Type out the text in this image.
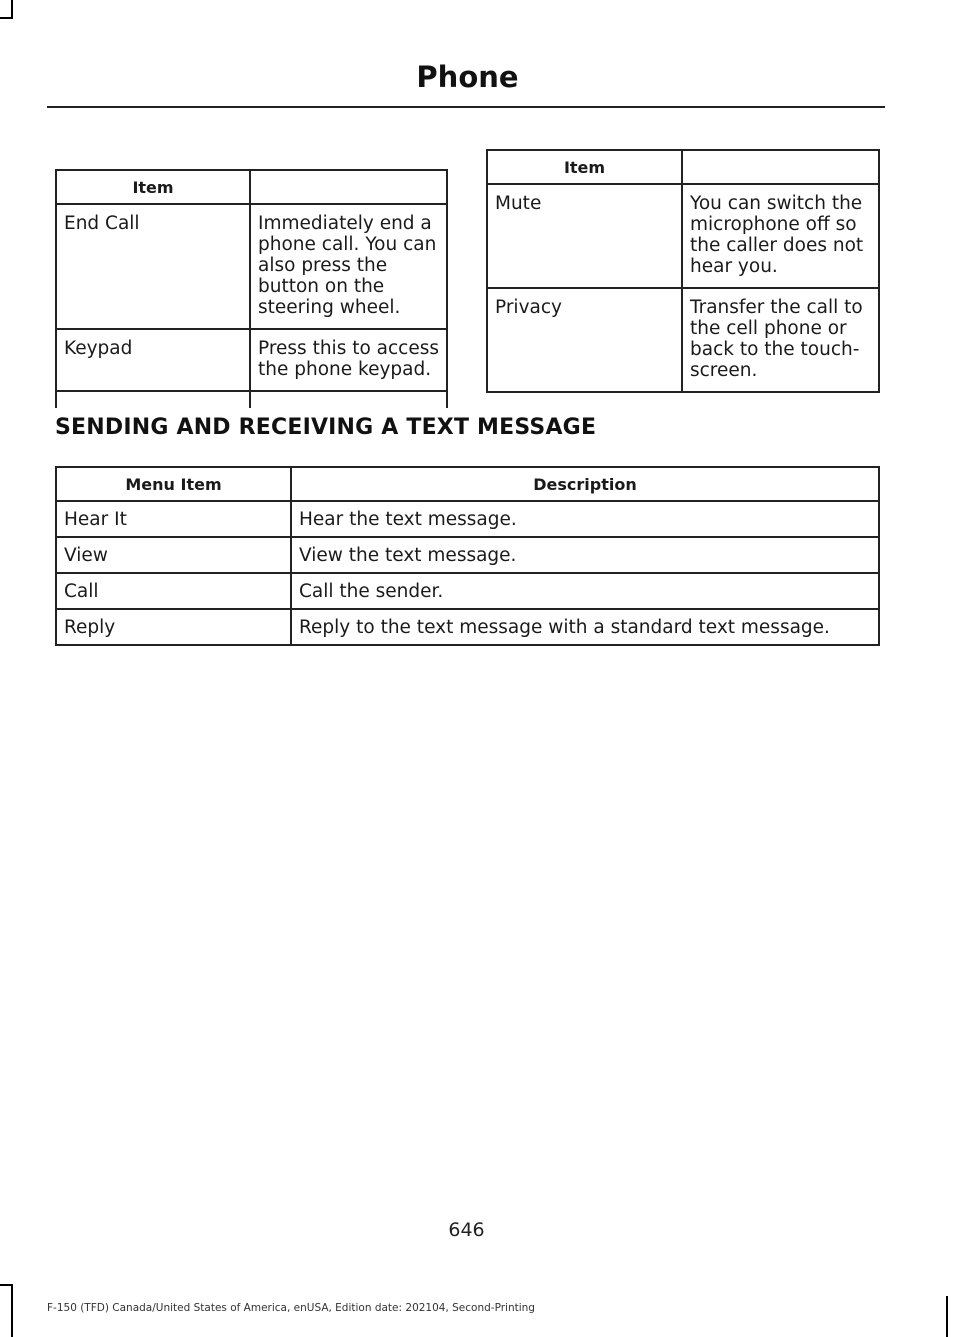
Phone
Item	

End Call	Immediately end a phone call. You can also press the button on the steering wheel.

Keypad	Press this to access the phone keypad.

Item	

Mute	You can switch the microphone off so the caller does not hear you.

Privacy	Transfer the call to the cell phone or back to the touch-screen.
SENDING AND RECEIVING A TEXT MESSAGE
Menu Item	Description

Hear It	Hear the text message.

View	View the text message.

Call	Call the sender.

Reply	Reply to the text message with a standard text message.
646
F-150 (TFD) Canada/United States of America, enUSA, Edition date: 202104, Second-Printing
